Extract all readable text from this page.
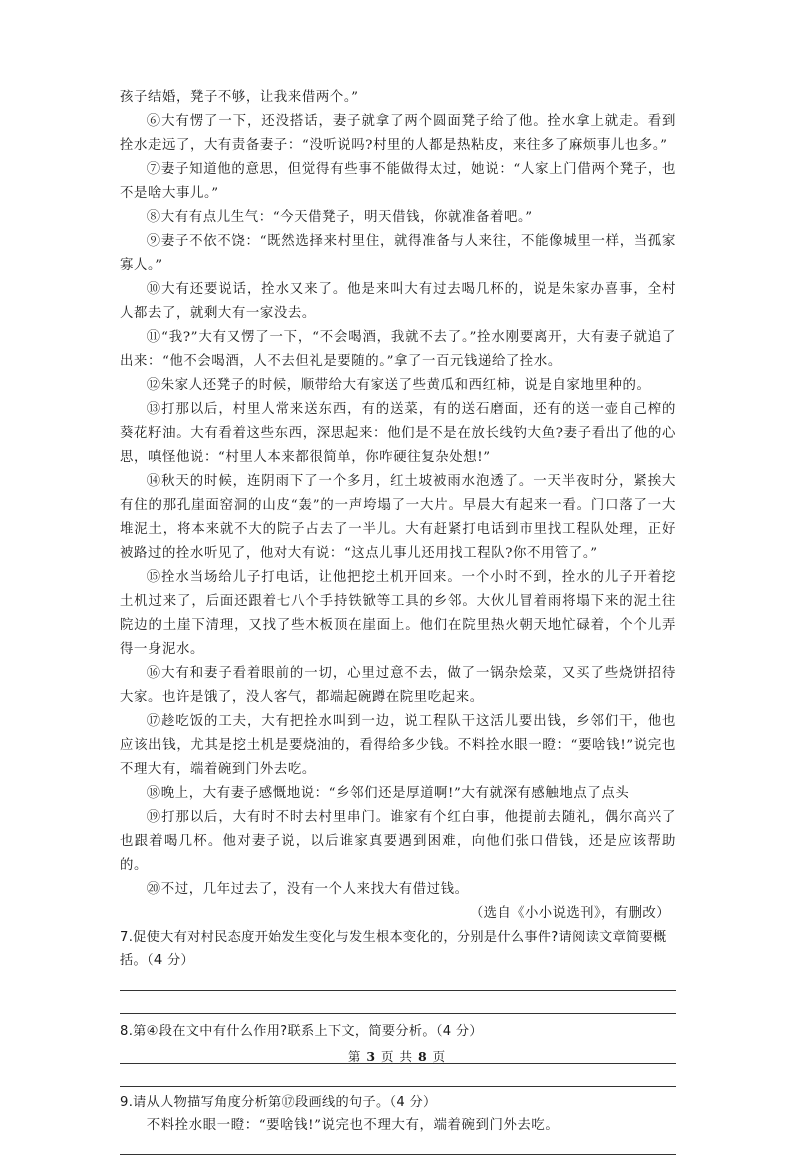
孩子结婚，凳子不够，让我来借两个。”

⑥大有愣了一下，还没搭话，妻子就拿了两个圆面凳子给了他。拴水拿上就走。看到拴水走远了，大有责备妻子：“没听说吗?村里的人都是热粘皮，来往多了麻烦事儿也多。”

⑦妻子知道他的意思，但觉得有些事不能做得太过，她说：“人家上门借两个凳子，也不是啥大事儿。”

⑧大有有点儿生气：“今天借凳子，明天借钱，你就准备着吧。”

⑨妻子不依不饶：“既然选择来村里住，就得准备与人来往，不能像城里一样，当孤家寡人。”

⑩大有还要说话，拴水又来了。他是来叫大有过去喝几杯的，说是朱家办喜事，全村人都去了，就剩大有一家没去。

⑪“我?”大有又愣了一下，“不会喝酒，我就不去了。”拴水刚要离开，大有妻子就追了出来：“他不会喝酒，人不去但礼是要随的。”拿了一百元钱递给了拴水。

⑫朱家人还凳子的时候，顺带给大有家送了些黄瓜和西红柿，说是自家地里种的。

⑬打那以后，村里人常来送东西，有的送菜，有的送石磨面，还有的送一壶自己榨的葵花籽油。大有看着这些东西，深思起来：他们是不是在放长线钓大鱼?妻子看出了他的心思，嗔怪他说：“村里人本来都很简单，你咋硬往复杂处想!”

⑭秋天的时候，连阴雨下了一个多月，红土坡被雨水泡透了。一天半夜时分，紧挨大有住的那孔崖面窑洞的山皮“轰”的一声垮塌了一大片。早晨大有起来一看。门口落了一大堆泥土，将本来就不大的院子占去了一半儿。大有赶紧打电话到市里找工程队处理，正好被路过的拴水听见了，他对大有说：“这点儿事儿还用找工程队?你不用管了。”

⑮拴水当场给儿子打电话，让他把挖土机开回来。一个小时不到，拴水的儿子开着挖土机过来了，后面还跟着七八个手持铁锨等工具的乡邻。大伙儿冒着雨将塌下来的泥土往院边的土崖下清理，又找了些木板顶在崖面上。他们在院里热火朝天地忙碌着，个个儿弄得一身泥水。

⑯大有和妻子看着眼前的一切，心里过意不去，做了一锅杂烩菜，又买了些烧饼招待大家。也许是饿了，没人客气，都端起碗蹲在院里吃起来。

⑰趁吃饭的工夫，大有把拴水叫到一边，说工程队干这活儿要出钱，乡邻们干，他也应该出钱，尤其是挖土机是要烧油的，看得给多少钱。不料拴水眼一瞪：“要啥钱!”说完也不理大有，端着碗到门外去吃。

⑱晚上，大有妻子感慨地说：“乡邻们还是厚道啊!”大有就深有感触地点了点头

⑲打那以后，大有时不时去村里串门。谁家有个红白事，他提前去随礼，偶尔高兴了也跟着喝几杯。他对妻子说，以后谁家真要遇到困难，向他们张口借钱，还是应该帮助的。

⑳不过，几年过去了，没有一个人来找大有借过钱。

（选自《小小说选刊》，有删改）

7.促使大有对村民态度开始发生变化与发生根本变化的，分别是什么事件?请阅读文章简要概括。（4 分）

8.第④段在文中有什么作用?联系上下文，简要分析。（4 分）

9.请从人物描写角度分析第⑰段画线的句子。（4 分）

不料拴水眼一瞪：“要啥钱!”说完也不理大有，端着碗到门外去吃。

第 3 页 共 8 页
